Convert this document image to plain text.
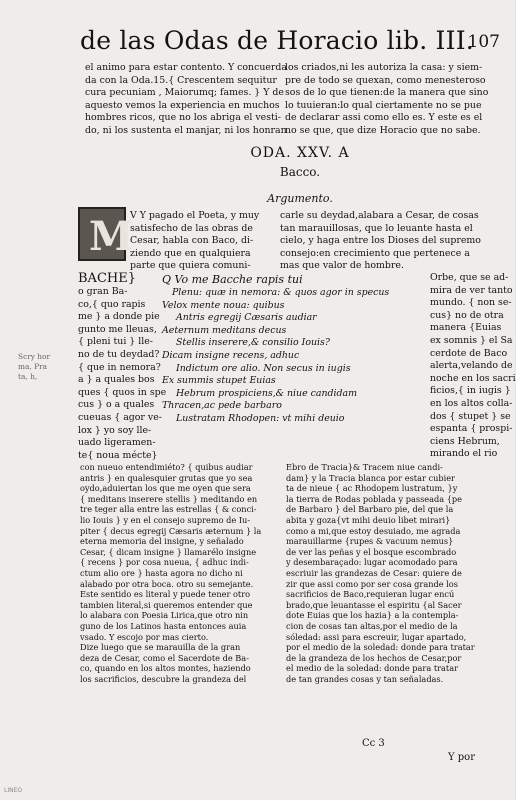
de las Odas de Horacio lib. III.
107
el animo para estar contento. Y concuerda
da con la Oda.15.{ Crescentem sequitur
cura pecuniam , Maiorumq; fames. } Y de
aquesto vemos la experiencia en muchos
hombres ricos, que no los abriga el vesti-
do, ni los sustenta el manjar, ni los honran
los criados,ni les autoriza la casa: y siem-
pre de todo se quexan, como menesteroso
sos de lo que tienen:de la manera que sino
lo tuuieran:lo qual ciertamente no se pue
de declarar assi como ello es. Y este es el
no se que, que dize Horacio que no sabe.
ODA. XXV. A
Bacco.
Argumento.
M
V Y pagado el Poeta, y muy
satisfecho de las obras de
Cesar, habla con Baco, di-
ziendo que en qualquiera
parte que quiera comuni-
carle su deydad,alabara a Cesar, de cosas
tan marauillosas, que lo leuante hasta el
cielo, y haga entre los Dioses del supremo
consejo:en crecimiento que pertenece a
mas que valor de hombre.
BACHE}
o gran Ba-
co,{ quo rapis
me } a donde pie
gunto me lleuas,
{ pleni tui } lle-
no de tu deydad?
{ que in nemora?
a } a quales bos
ques { quos in spe
cus } o a quales
cueuas { agor ve-
lox } yo soy lle-
uado ligeramen-
te{ noua mécte}
Q Vo me Bacche rapis tui
Plenu: quæ in nemora: & quos agor in specus
Velox mente noua: quibus
Antris egregij Cæsaris audiar
Aeternum meditans decus
Stellis inserere,& consilio Iouis?
Dicam insigne recens, adhuc
Indictum ore alio. Non secus in iugis
Ex summis stupet Euias
Hebrum prospiciens,& niue candidam
Thracen,ac pede barbaro
Lustratam Rhodopen: vt mihi deuio
Orbe, que se ad-
mira de ver tanto
mundo. { non se-
cus} no de otra
manera {Euias
ex somnis } el Sa
cerdote de Baco
alerta,velando de
noche en los sacri
ficios,{ in iugis }
en los altos colla-
dos { stupet } se
espanta { prospi-
ciens Hebrum,
mirando el rio
con nueuo entendimiéto? { quibus audiar
antris } en qualesquier grutas que yo sea
oydo,aduiertan los que me oyen que sera
{ meditans inserere stellis } meditando en
tre teger alla entre las estrellas { & conci-
lio Iouis } y en el consejo supremo de Iu-
piter { decus egregij Cæsaris æternum } la
eterna memoria del insigne, y señalado
Cesar, { dicam insigne } llamarélo insigne
{ recens } por cosa nueua, { adhuc indi-
ctum alio ore } hasta agora no dicho ni
alabado por otra boca. otro su semejante.
Este sentido es literal y puede tener otro
tambien literal,si queremos entender que
lo alabara con Poesia Lirica,que otro nin
guno de los Latinos hasta entonces auia
vsado. Y escojo por mas cierto.
Dize luego que se marauilla de la gran
deza de Cesar, como el Sacerdote de Ba-
co, quando en los altos montes, haziendo
los sacrificios, descubre la grandeza del
Ebro de Tracia}& Tracem niue candi-
dam} y la Tracia blanca por estar cubier
ta de nieue { ac Rhodopem lustratum, }y
la tierra de Rodas poblada y passeada {pe
de Barbaro } del Barbaro pie, del que la
abita y goza{vt mihi deuio libet mirari}
como a mi,que estoy desuiado, me agrada
marauillarme {rupes & vacuum nemus}
de ver las peñas y el bosque escombrado
y desembaraçado: lugar acomodado para
escriuir las grandezas de Cesar: quiere de
zir que assi como por ser cosa grande los
sacrificios de Baco,requieran lugar encú
brado,que leuantasse el espiritu {al Sacer
dote Euias que los hazia} a la contempla-
cion de cosas tan altas,por el medio de la
sóledad: assi para escreuir, lugar apartado,
por el medio de la soledad: donde para tratar
de la grandeza de los hechos de Cesar,por
el medio de la soledad: donde para tratar
de tan grandes cosas y tan señaladas.
Cc 3
Y por
Scry hor
ma, Pra
ta, h,
LINEO
